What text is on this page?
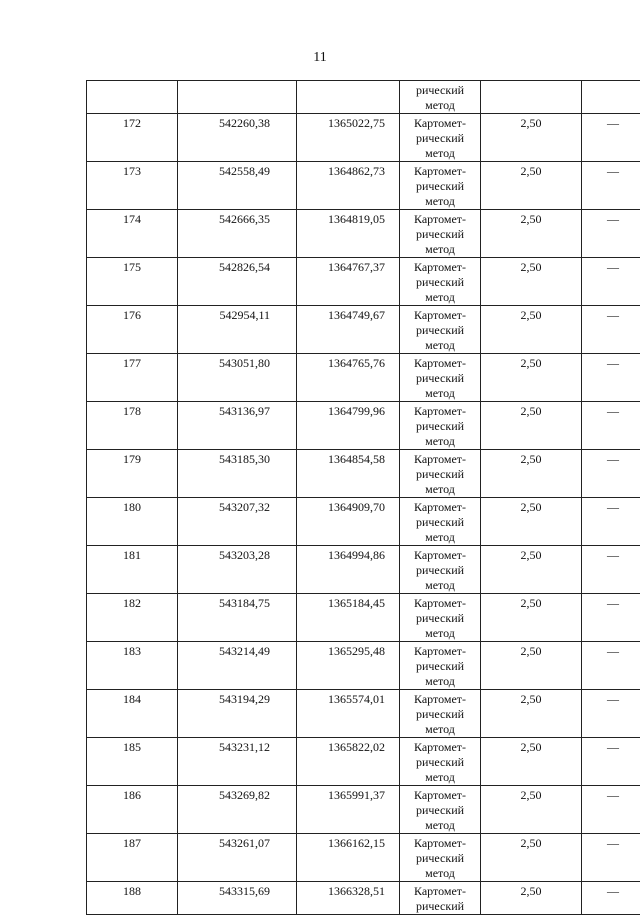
11

			рический
метод		

172	542260,38	1365022,75	Картомет-
рический
метод	2,50	—
173	542558,49	1364862,73	Картомет-
рический
метод	2,50	—
174	542666,35	1364819,05	Картомет-
рический
метод	2,50	—
175	542826,54	1364767,37	Картомет-
рический
метод	2,50	—
176	542954,11	1364749,67	Картомет-
рический
метод	2,50	—
177	543051,80	1364765,76	Картомет-
рический
метод	2,50	—
178	543136,97	1364799,96	Картомет-
рический
метод	2,50	—
179	543185,30	1364854,58	Картомет-
рический
метод	2,50	—
180	543207,32	1364909,70	Картомет-
рический
метод	2,50	—
181	543203,28	1364994,86	Картомет-
рический
метод	2,50	—
182	543184,75	1365184,45	Картомет-
рический
метод	2,50	—
183	543214,49	1365295,48	Картомет-
рический
метод	2,50	—
184	543194,29	1365574,01	Картомет-
рический
метод	2,50	—
185	543231,12	1365822,02	Картомет-
рический
метод	2,50	—
186	543269,82	1365991,37	Картомет-
рический
метод	2,50	—
187	543261,07	1366162,15	Картомет-
рический
метод	2,50	—
188	543315,69	1366328,51	Картомет-
рический	2,50	—
